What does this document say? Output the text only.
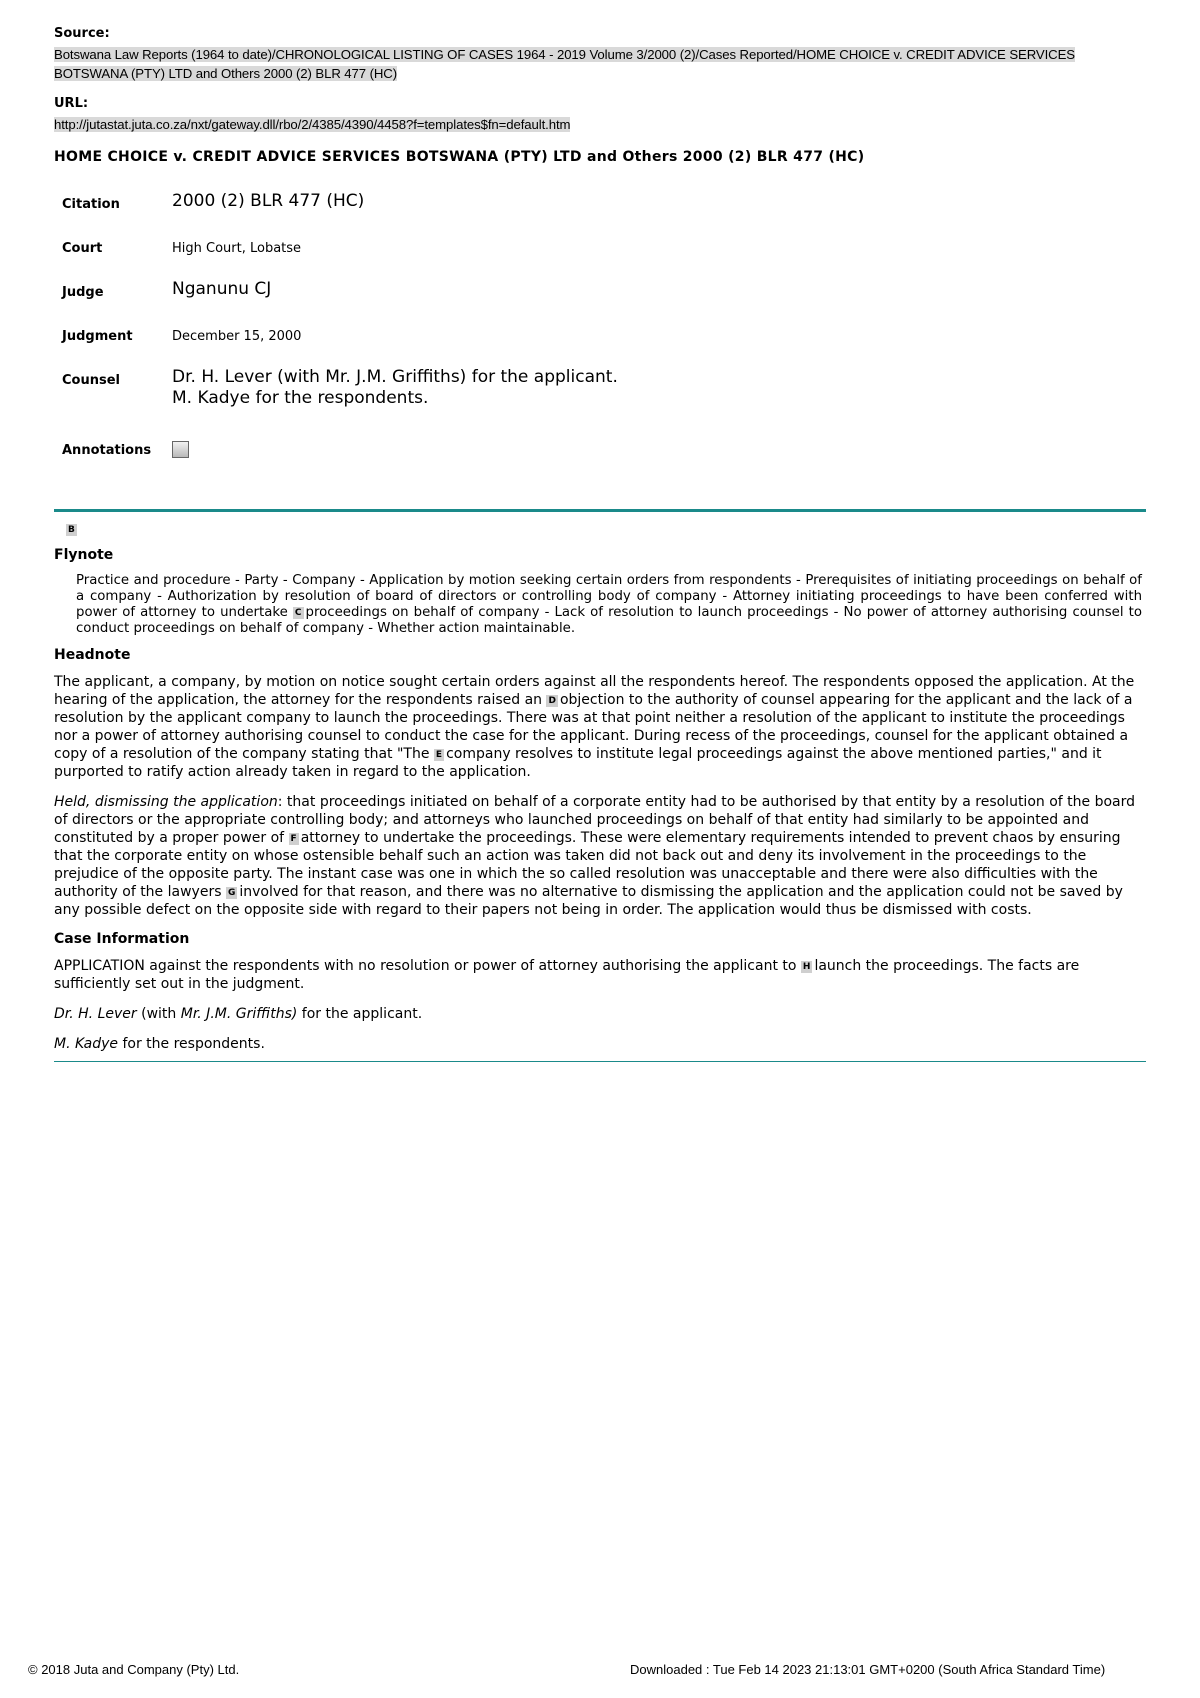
Source:
Botswana Law Reports (1964 to date)/CHRONOLOGICAL LISTING OF CASES 1964 - 2019 Volume 3/2000 (2)/Cases Reported/HOME CHOICE v. CREDIT ADVICE SERVICES BOTSWANA (PTY) LTD and Others 2000 (2) BLR 477 (HC)
URL:
http://jutastat.juta.co.za/nxt/gateway.dll/rbo/2/4385/4390/4458?f=templates$fn=default.htm
HOME CHOICE v. CREDIT ADVICE SERVICES BOTSWANA (PTY) LTD and Others 2000 (2) BLR 477 (HC)
Citation	2000 (2) BLR 477 (HC)
Court	High Court, Lobatse
Judge	Nganunu CJ
Judgment	December 15, 2000
Counsel	Dr. H. Lever (with Mr. J.M. Griffiths) for the applicant.
M. Kadye for the respondents.

Annotations	
B
Flynote
Practice and procedure - Party - Company - Application by motion seeking certain orders from respondents - Prerequisites of initiating proceedings on behalf of a company - Authorization by resolution of board of directors or controlling body of company - Attorney initiating proceedings to have been conferred with power of attorney to undertake C proceedings on behalf of company - Lack of resolution to launch proceedings - No power of attorney authorising counsel to conduct proceedings on behalf of company - Whether action maintainable.
Headnote

The applicant, a company, by motion on notice sought certain orders against all the respondents hereof. The respondents opposed the application. At the hearing of the application, the attorney for the respondents raised an D objection to the authority of counsel appearing for the applicant and the lack of a resolution by the applicant company to launch the proceedings. There was at that point neither a resolution of the applicant to institute the proceedings nor a power of attorney authorising counsel to conduct the case for the applicant. During recess of the proceedings, counsel for the applicant obtained a copy of a resolution of the company stating that "The E company resolves to institute legal proceedings against the above mentioned parties," and it purported to ratify action already taken in regard to the application.

Held, dismissing the application: that proceedings initiated on behalf of a corporate entity had to be authorised by that entity by a resolution of the board of directors or the appropriate controlling body; and attorneys who launched proceedings on behalf of that entity had similarly to be appointed and constituted by a proper power of F attorney to undertake the proceedings. These were elementary requirements intended to prevent chaos by ensuring that the corporate entity on whose ostensible behalf such an action was taken did not back out and deny its involvement in the proceedings to the prejudice of the opposite party. The instant case was one in which the so called resolution was unacceptable and there were also difficulties with the authority of the lawyers G involved for that reason, and there was no alternative to dismissing the application and the application could not be saved by any possible defect on the opposite side with regard to their papers not being in order. The application would thus be dismissed with costs.

Case Information

APPLICATION against the respondents with no resolution or power of attorney authorising the applicant to H launch the proceedings. The facts are sufficiently set out in the judgment.

Dr. H. Lever (with Mr. J.M. Griffiths) for the applicant.

M. Kadye for the respondents.

© 2018 Juta and Company (Pty) Ltd.	Downloaded : Tue Feb 14 2023 21:13:01 GMT+0200 (South Africa Standard Time)
